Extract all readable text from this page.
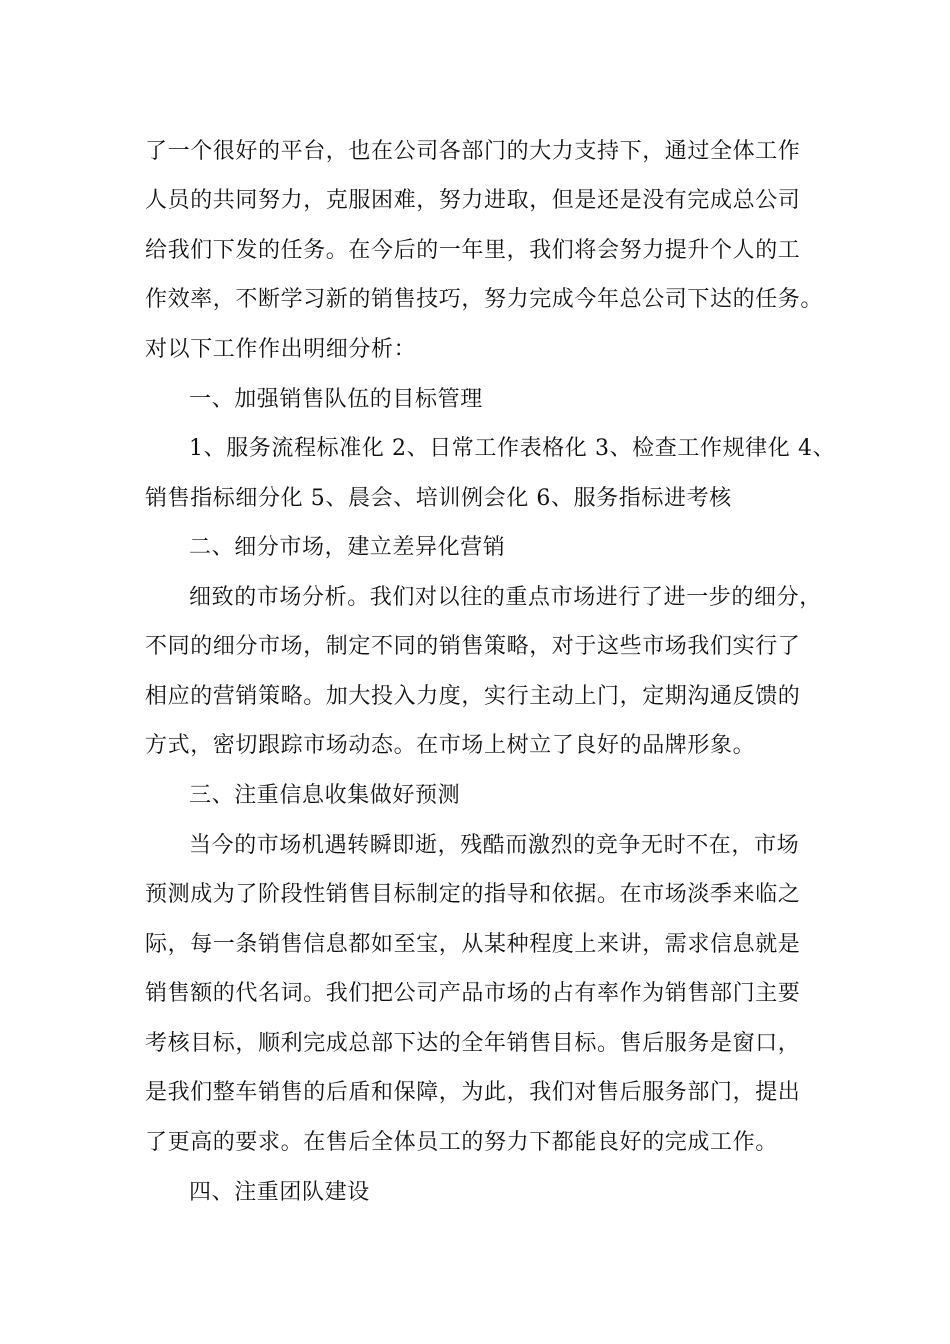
了一个很好的平台，也在公司各部门的大力支持下，通过全体工作
人员的共同努力，克服困难，努力进取，但是还是没有完成总公司
给我们下发的任务。在今后的一年里，我们将会努力提升个人的工
作效率，不断学习新的销售技巧，努力完成今年总公司下达的任务。
对以下工作作出明细分析：
一、加强销售队伍的目标管理
1、服务流程标准化 2、日常工作表格化 3、检查工作规律化 4、
销售指标细分化 5、晨会、培训例会化 6、服务指标进考核
二、细分市场，建立差异化营销
细致的市场分析。我们对以往的重点市场进行了进一步的细分，
不同的细分市场，制定不同的销售策略，对于这些市场我们实行了
相应的营销策略。加大投入力度，实行主动上门，定期沟通反馈的
方式，密切跟踪市场动态。在市场上树立了良好的品牌形象。
三、注重信息收集做好预测
当今的市场机遇转瞬即逝，残酷而激烈的竞争无时不在，市场
预测成为了阶段性销售目标制定的指导和依据。在市场淡季来临之
际，每一条销售信息都如至宝，从某种程度上来讲，需求信息就是
销售额的代名词。我们把公司产品市场的占有率作为销售部门主要
考核目标，顺利完成总部下达的全年销售目标。售后服务是窗口，
是我们整车销售的后盾和保障，为此，我们对售后服务部门，提出
了更高的要求。在售后全体员工的努力下都能良好的完成工作。
四、注重团队建设
